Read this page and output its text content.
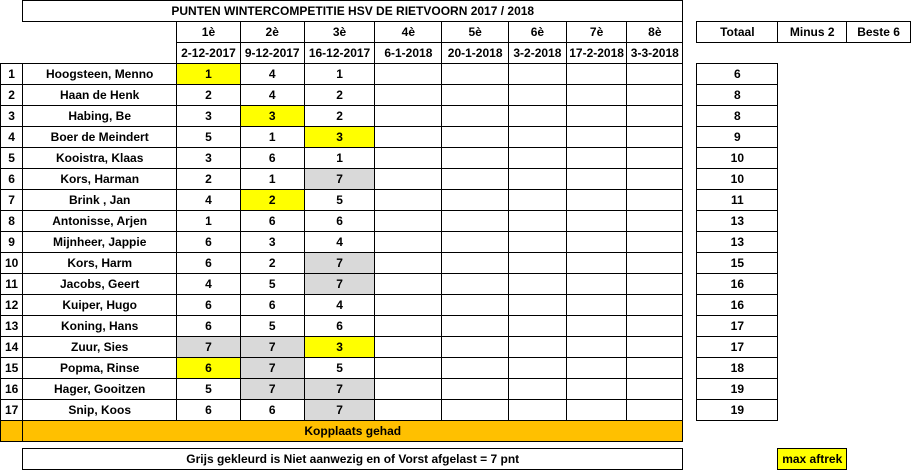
	PUNTEN WINTERCOMPETITIE HSV DE RIETVOORN 2017 / 2018												
		1è	2è	3è	4è	5è	6è	7è	8è		Totaal	Minus 2	Beste 6
		2-12-2017	9-12-2017	16-12-2017	6-1-2018	20-1-2018	3-2-2018	17-2-2018	3-3-2018				
1	Hoogsteen, Menno	1	4	1							6		
2	Haan de Henk	2	4	2							8		
3	Habing, Be	3	3	2							8		
4	Boer de Meindert	5	1	3							9		
5	Kooistra, Klaas	3	6	1							10		
6	Kors, Harman	2	1	7							10		
7	Brink , Jan	4	2	5							11		
8	Antonisse, Arjen	1	6	6							13		
9	Mijnheer, Jappie	6	3	4							13		
10	Kors, Harm	6	2	7							15		
11	Jacobs, Geert	4	5	7							16		
12	Kuiper, Hugo	6	6	4							16		
13	Koning, Hans	6	5	6							17		
14	Zuur, Sies	7	7	3							17		
15	Popma, Rinse	6	7	5							18		
16	Hager, Gooitzen	5	7	7							19		
17	Snip, Koos	6	6	7							19		
	Kopplaats gehad												

	Grijs gekleurd is Niet aanwezig en of Vorst afgelast = 7 pnt											max aftrek	
